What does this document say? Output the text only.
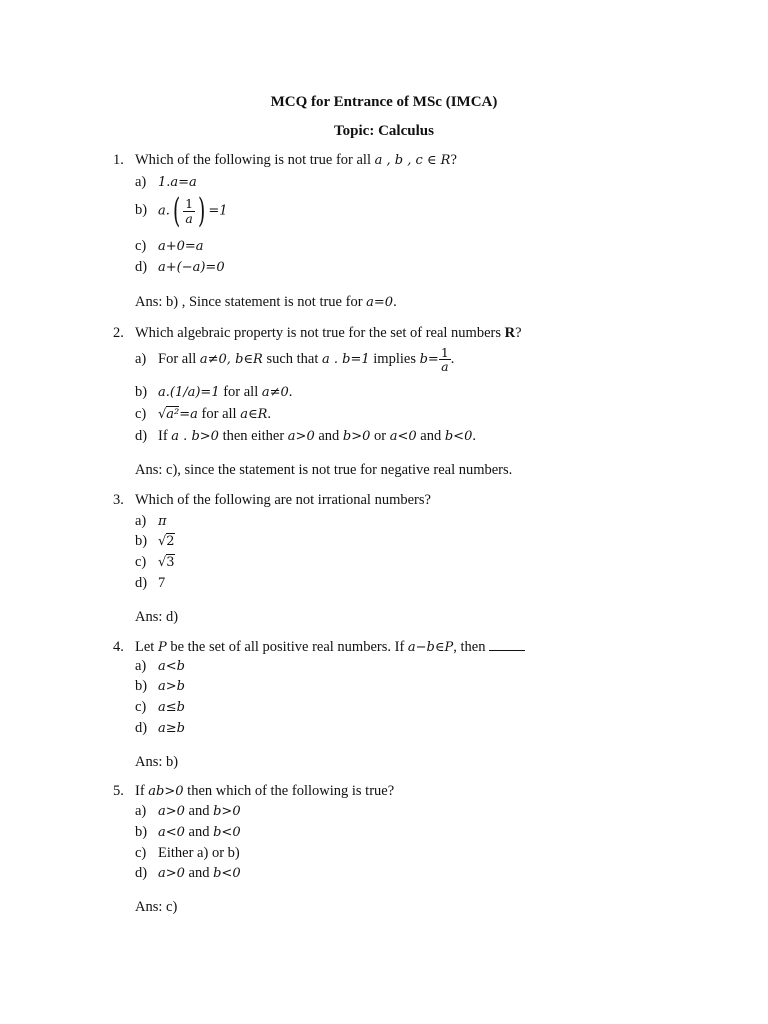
MCQ for Entrance of MSc (IMCA)
Topic: Calculus
1. Which of the following is not true for all a , b , c ∈ R?
a) 1.a=a
b) $a.( \frac{1}{a}$ ) =1
c) a+0=a
d) a+(−a)=0
Ans: b) , Since statement is not true for a=0.
2. Which algebraic property is not true for the set of real numbers R?
a) For all a≠0, b∈R such that a . b=1 implies $b= \frac{1}{a}$ .
b) a.(1/a)=1 for all a≠0.
c) √a²=a for all a∈R.
d) If a . b>0 then either a>0 and b>0 or a<0 and b<0.
Ans: c), since the statement is not true for negative real numbers.
3. Which of the following are not irrational numbers?
a) π
b) √2
c) √3
d) 7
Ans: d)
4. Let P be the set of all positive real numbers. If a−b∈P, then
a) a<b
b) a>b
c) a≤b
d) a≥b
Ans: b)
5. If ab>0 then which of the following is true?
a) a>0 and b>0
b) a<0 and b<0
c) Either a) or b)
d) a>0 and b<0
Ans: c)
